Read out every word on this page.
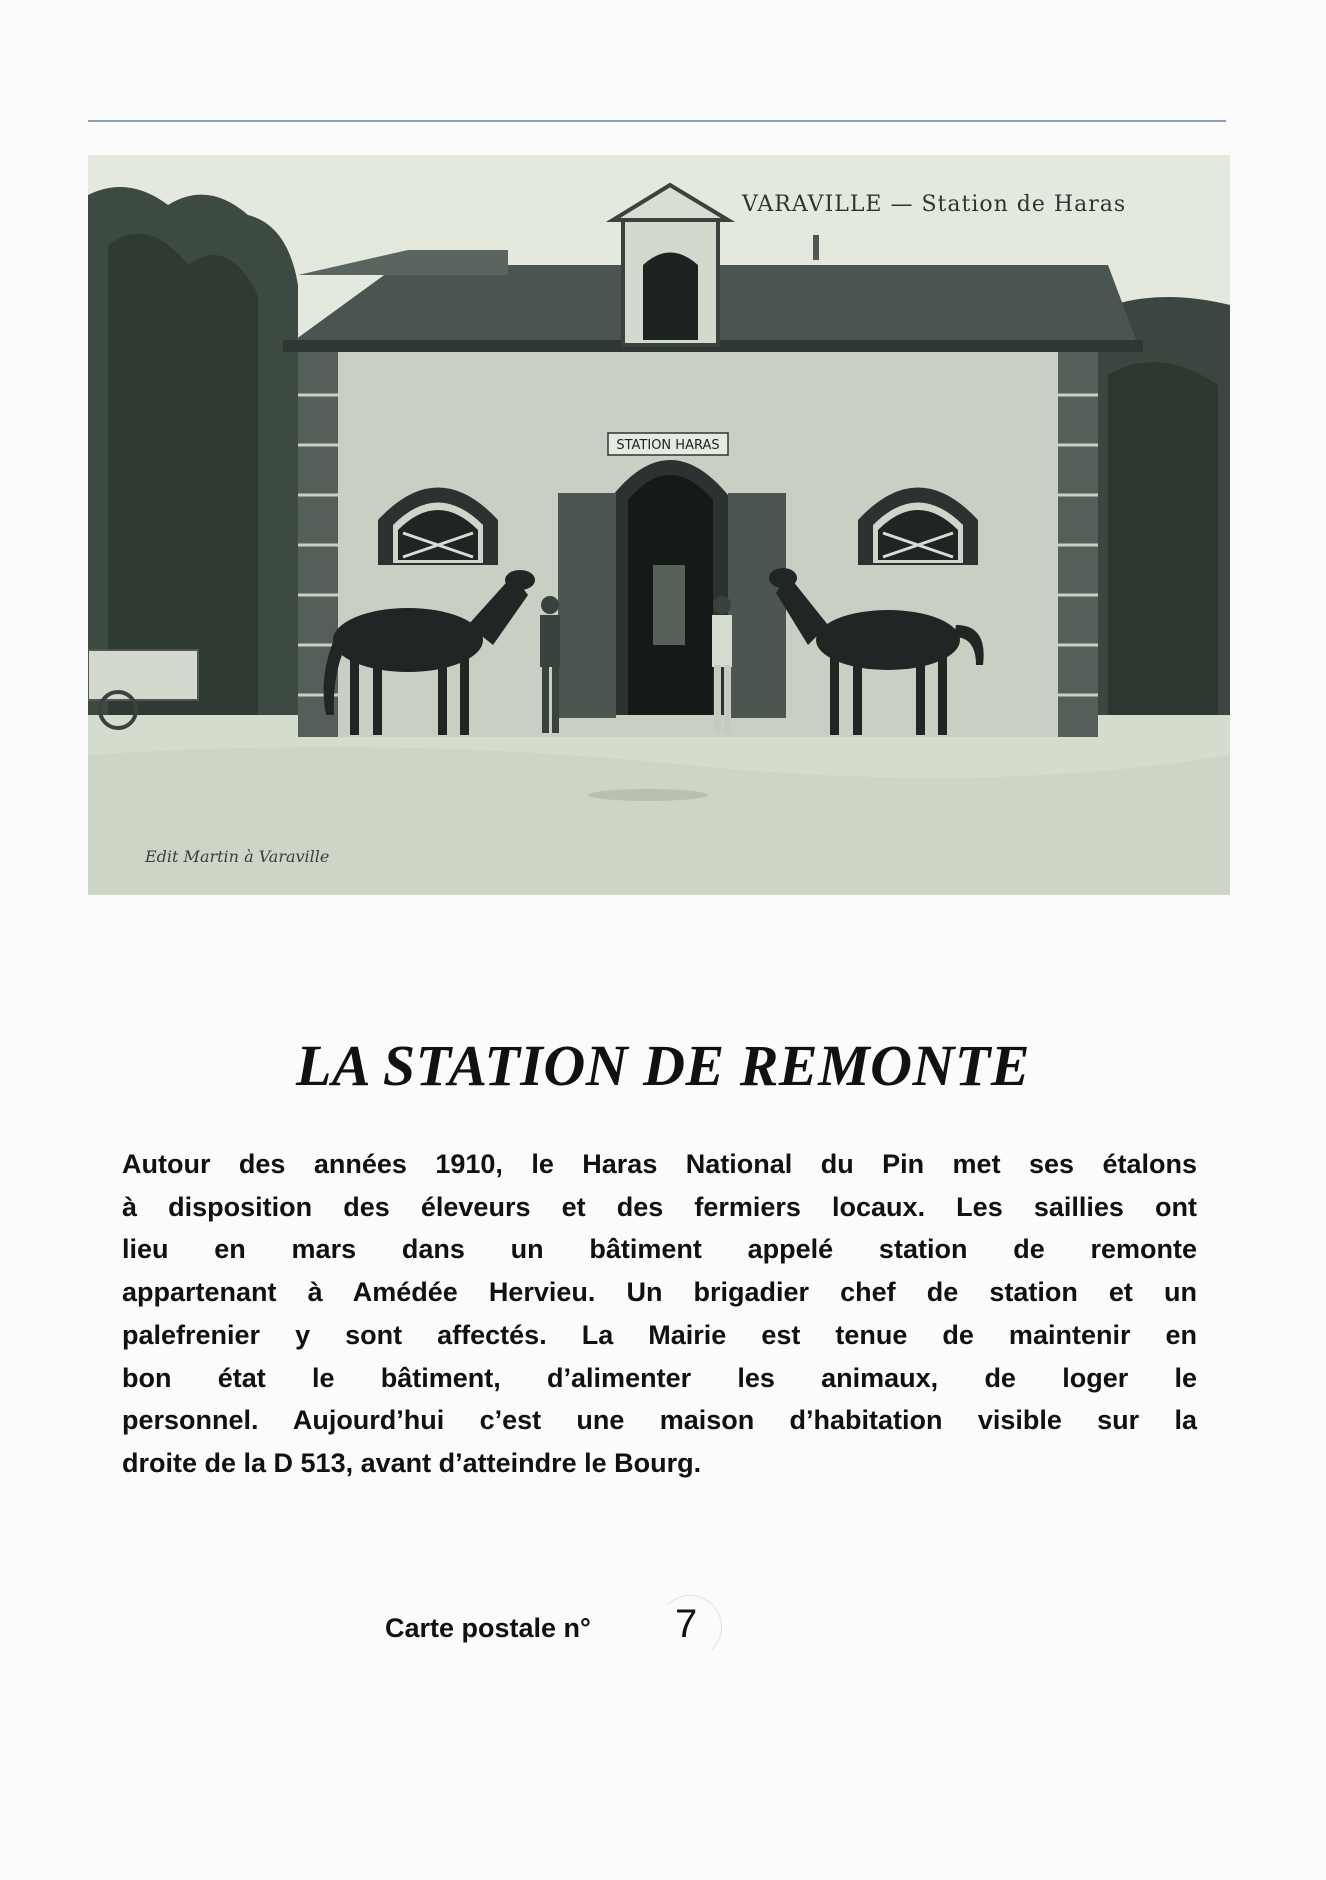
STATION HARAS
VARAVILLE — Station de Haras
Edit Martin à Varaville
LA STATION DE REMONTE
Autour des années 1910, le Haras National du Pin met ses étalons
à disposition des éleveurs et des fermiers locaux. Les saillies ont
lieu en mars dans un bâtiment appelé station de remonte
appartenant à Amédée Hervieu. Un brigadier chef de station et un
palefrenier y sont affectés. La Mairie est tenue de maintenir en
bon état le bâtiment, d’alimenter les animaux, de loger le
personnel. Aujourd’hui c’est une maison d’habitation visible sur la
droite de la D 513, avant d’atteindre le Bourg.
Carte postale n° 7
